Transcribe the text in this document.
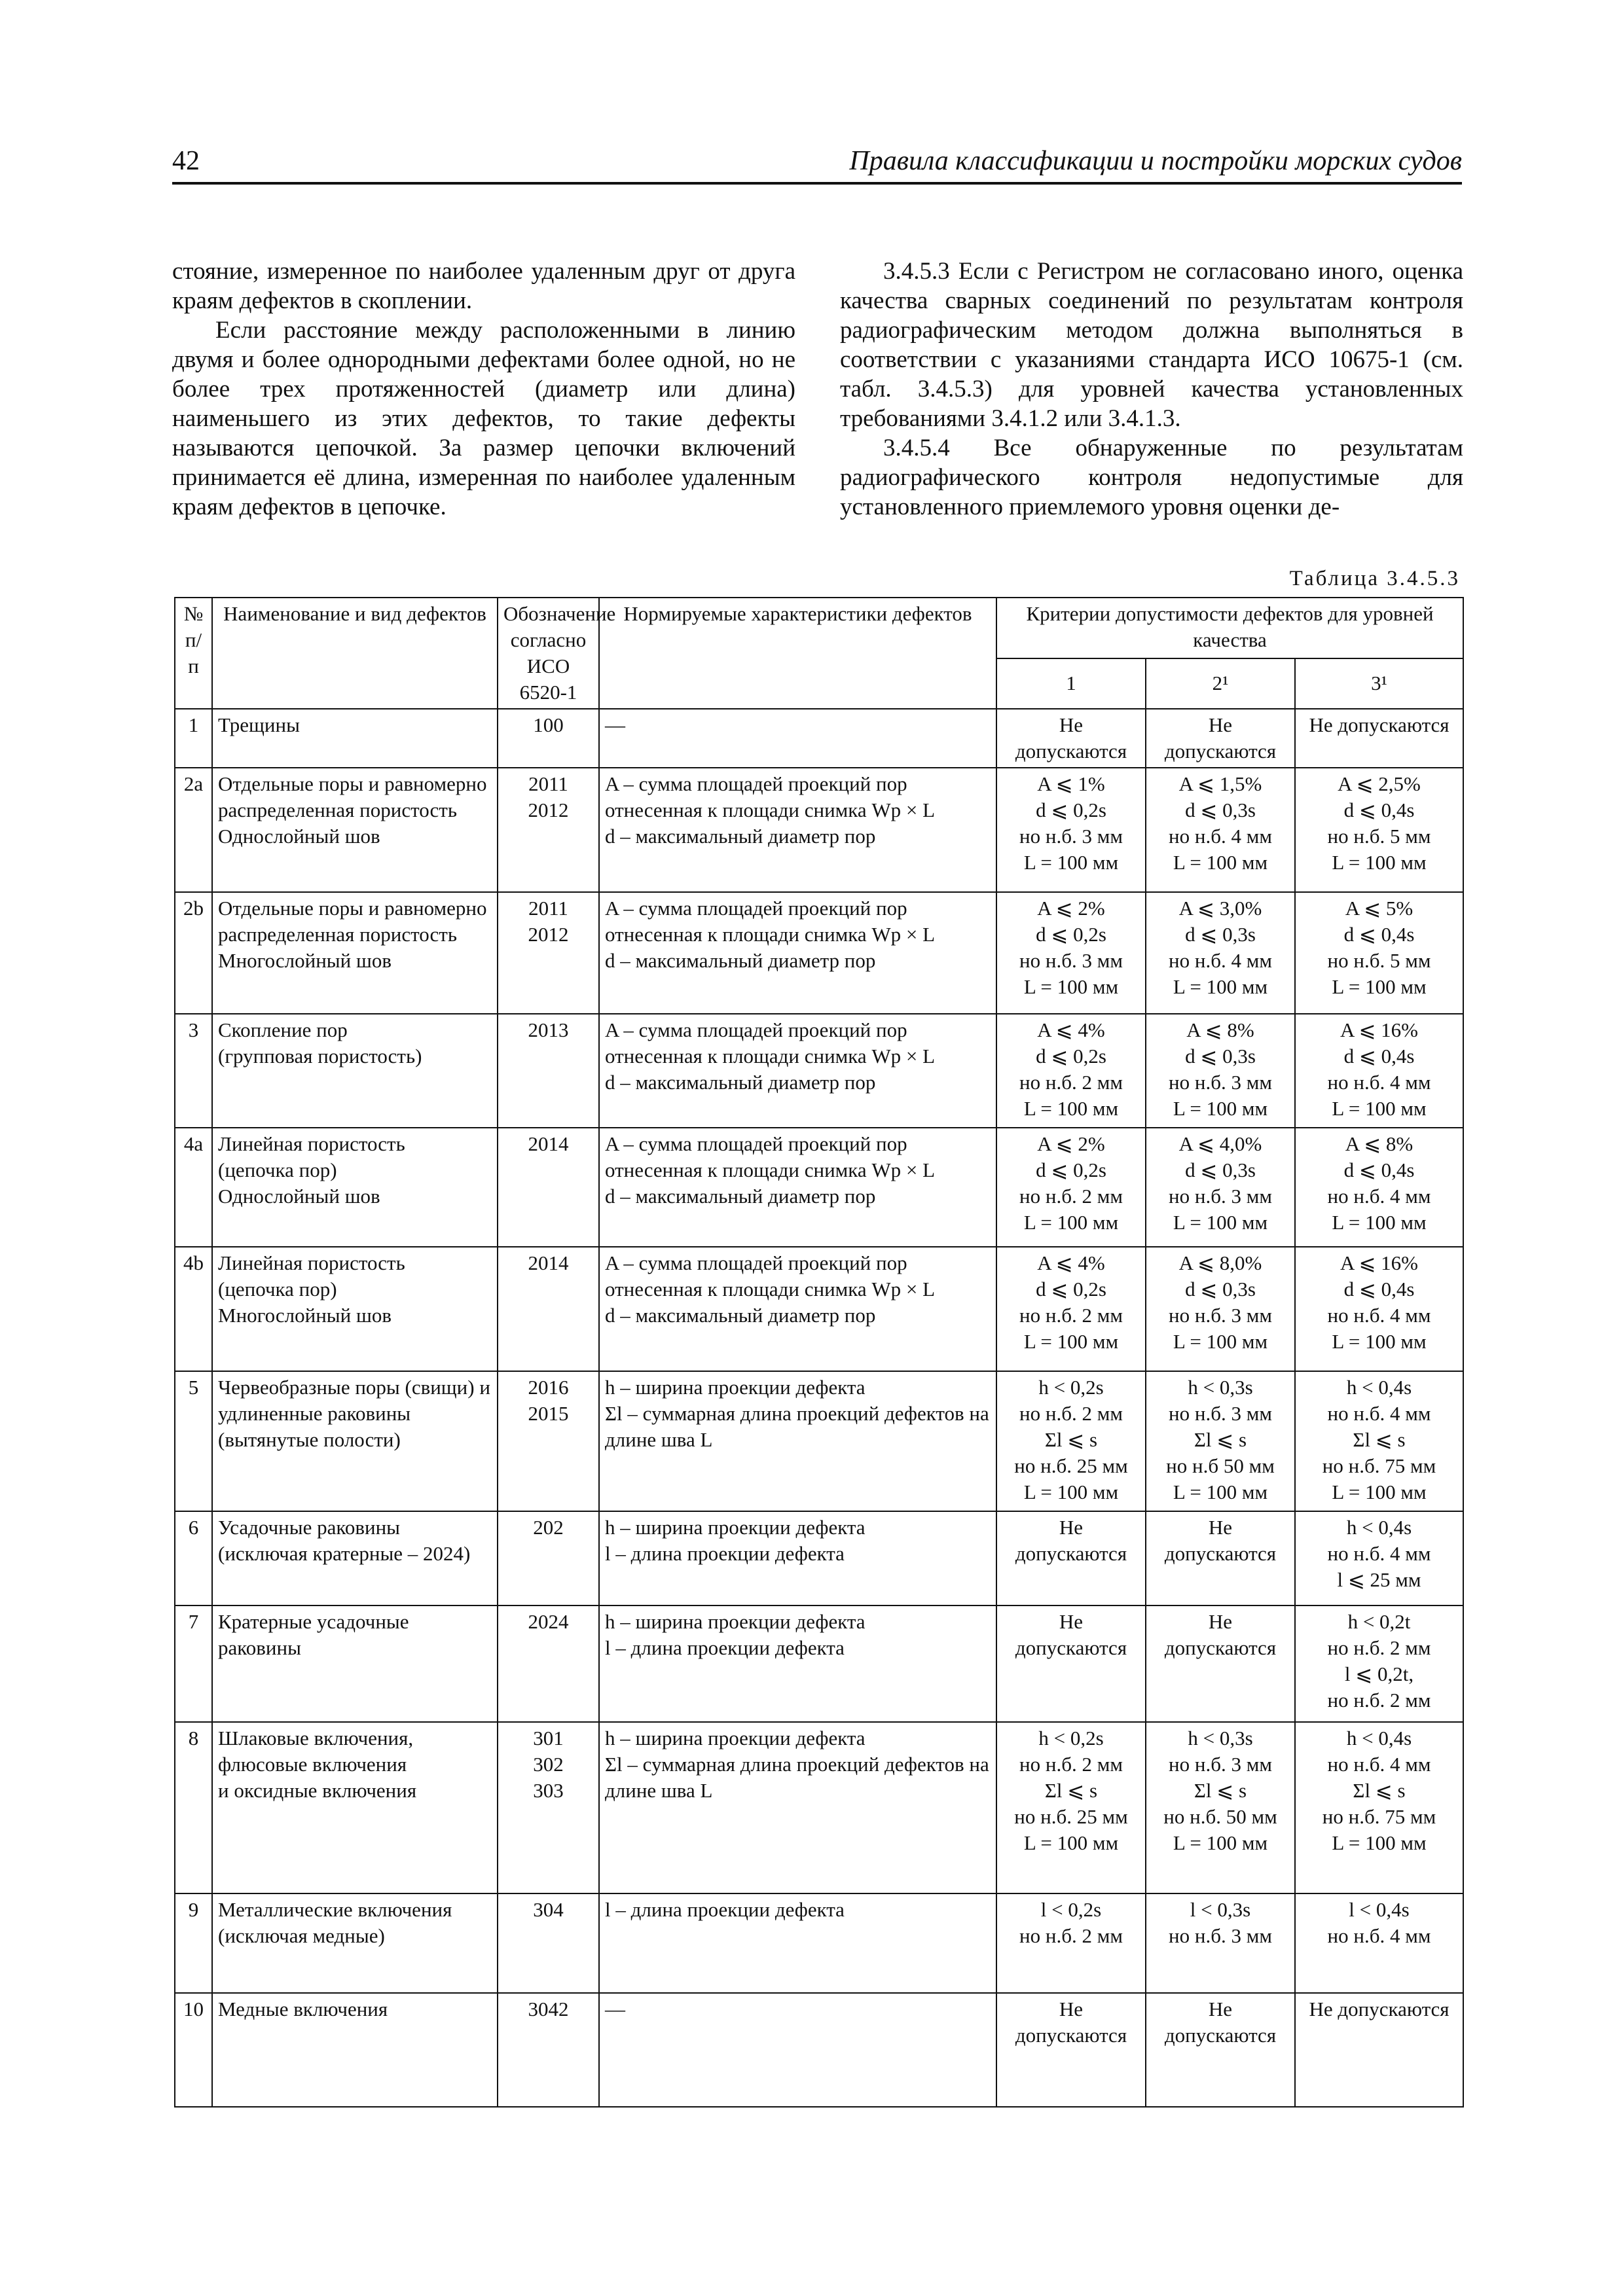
42	Правила классификации и постройки морских судов

стояние, измеренное по наиболее удаленным друг от друга краям дефектов в скоплении.

Если расстояние между расположенными в линию двумя и более однородными дефектами более одной, но не более трех протяженностей (диаметр или длина) наименьшего из этих дефектов, то такие дефекты называются цепочкой. За размер цепочки включений принимается её длина, измеренная по наиболее удаленным краям дефектов в цепочке.

3.4.5.3 Если с Регистром не согласовано иного, оценка качества сварных соединений по результатам контроля радиографическим методом должна выполняться в соответствии с указаниями стандарта ИСО 10675-1 (см. табл. 3.4.5.3) для уровней качества установленных требованиями 3.4.1.2 или 3.4.1.3.

3.4.5.4 Все обнаруженные по результатам радиографического контроля недопустимые для установленного приемлемого уровня оценки де-

Таблица 3.4.5.3
№ п/п	Наименование и вид дефектов	Обозначение согласно ИСО 6520-1	Нормируемые характеристики дефектов	Критерии допустимости дефектов для уровней качества		
				1	2¹	3¹
1	Трещины	100	—	Не допускаются	Не допускаются	Не допускаются

2a	Отдельные поры и равномерно распределенная пористость
Однослойный шов	2011
2012	A – сумма площадей проекций пор отнесенная к площади снимка Wp × L
d – максимальный диаметр пор	A ⩽ 1%
d ⩽ 0,2s
но н.б. 3 мм
L = 100 мм	A ⩽ 1,5%
d ⩽ 0,3s
но н.б. 4 мм
L = 100 мм	A ⩽ 2,5%
d ⩽ 0,4s
но н.б. 5 мм
L = 100 мм

2b	Отдельные поры и равномерно распределенная пористость
Многослойный шов	2011
2012	A – сумма площадей проекций пор отнесенная к площади снимка Wp × L
d – максимальный диаметр пор	A ⩽ 2%
d ⩽ 0,2s
но н.б. 3 мм
L = 100 мм	A ⩽ 3,0%
d ⩽ 0,3s
но н.б. 4 мм
L = 100 мм	A ⩽ 5%
d ⩽ 0,4s
но н.б. 5 мм
L = 100 мм

3	Скопление пор
(групповая пористость)	2013	A – сумма площадей проекций пор отнесенная к площади снимка Wp × L
d – максимальный диаметр пор	A ⩽ 4%
d ⩽ 0,2s
но н.б. 2 мм
L = 100 мм	A ⩽ 8%
d ⩽ 0,3s
но н.б. 3 мм
L = 100 мм	A ⩽ 16%
d ⩽ 0,4s
но н.б. 4 мм
L = 100 мм

4a	Линейная пористость
(цепочка пор)
Однослойный шов	2014	A – сумма площадей проекций пор отнесенная к площади снимка Wp × L
d – максимальный диаметр пор	A ⩽ 2%
d ⩽ 0,2s
но н.б. 2 мм
L = 100 мм	A ⩽ 4,0%
d ⩽ 0,3s
но н.б. 3 мм
L = 100 мм	A ⩽ 8%
d ⩽ 0,4s
но н.б. 4 мм
L = 100 мм

4b	Линейная пористость
(цепочка пор)
Многослойный шов	2014	A – сумма площадей проекций пор отнесенная к площади снимка Wp × L
d – максимальный диаметр пор	A ⩽ 4%
d ⩽ 0,2s
но н.б. 2 мм
L = 100 мм	A ⩽ 8,0%
d ⩽ 0,3s
но н.б. 3 мм
L = 100 мм	A ⩽ 16%
d ⩽ 0,4s
но н.б. 4 мм
L = 100 мм

5	Червеобразные поры (свищи) и удлиненные раковины (вытянутые полости)	2016
2015	h – ширина проекции дефекта
Σl – суммарная длина проекций дефектов на длине шва L	h < 0,2s
но н.б. 2 мм
Σl ⩽ s
но н.б. 25 мм
L = 100 мм	h < 0,3s
но н.б. 3 мм
Σl ⩽ s
но н.б 50 мм
L = 100 мм	h < 0,4s
но н.б. 4 мм
Σl ⩽ s
но н.б. 75 мм
L = 100 мм

6	Усадочные раковины
(исключая кратерные – 2024)	202	h – ширина проекции дефекта
l – длина проекции дефекта	Не допускаются	Не допускаются	h < 0,4s
но н.б. 4 мм
l ⩽ 25 мм

7	Кратерные усадочные раковины	2024	h – ширина проекции дефекта
l – длина проекции дефекта	Не допускаются	Не допускаются	h < 0,2t
но н.б. 2 мм
l ⩽ 0,2t,
но н.б. 2 мм

8	Шлаковые включения,
флюсовые включения
и оксидные включения	301
302
303	h – ширина проекции дефекта
Σl – суммарная длина проекций дефектов на длине шва L	h < 0,2s
но н.б. 2 мм
Σl ⩽ s
но н.б. 25 мм
L = 100 мм	h < 0,3s
но н.б. 3 мм
Σl ⩽ s
но н.б. 50 мм
L = 100 мм	h < 0,4s
но н.б. 4 мм
Σl ⩽ s
но н.б. 75 мм
L = 100 мм

9	Металлические включения (исключая медные)	304	l – длина проекции дефекта	l < 0,2s
но н.б. 2 мм	l < 0,3s
но н.б. 3 мм	l < 0,4s
но н.б. 4 мм

10	Медные включения	3042	—	Не допускаются	Не допускаются	Не допускаются
